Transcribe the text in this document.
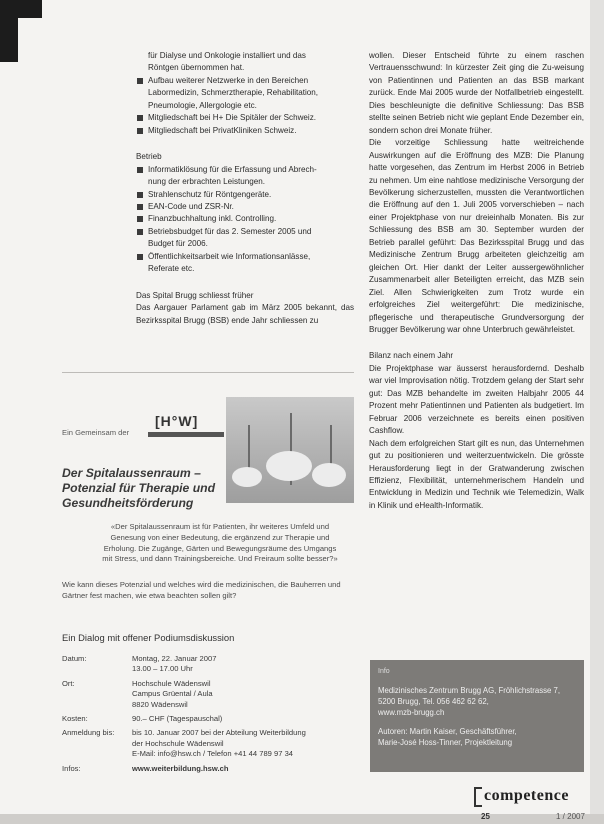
für Dialyse und Onkologie installiert und das
Röntgen übernommen hat.
Aufbau weiterer Netzwerke in den Bereichen
Labormedizin, Schmerztherapie, Rehabilitation,
Pneumologie, Allergologie etc.
Mitgliedschaft bei H+ Die Spitäler der Schweiz.
Mitgliedschaft bei PrivatKliniken Schweiz.
Betrieb
Informatiklösung für die Erfassung und Abrech-
nung der erbrachten Leistungen.
Strahlenschutz für Röntgengeräte.
EAN-Code und ZSR-Nr.
Finanzbuchhaltung inkl. Controlling.
Betriebsbudget für das 2. Semester 2005 und
Budget für 2006.
Öffentlichkeitsarbeit wie Informationsanlässe,
Referate etc.
Das Spital Brugg schliesst früher

Das Aargauer Parlament gab im März 2005 bekannt, das Bezirksspital Brugg (BSB) ende Jahr schliessen zu

wollen. Dieser Entscheid führte zu einem raschen Vertrauensschwund: In kürzester Zeit ging die Zu-weisung von Patientinnen und Patienten an das BSB markant zurück. Ende Mai 2005 wurde der Notfallbetrieb eingestellt. Dies beschleunigte die definitive Schliessung: Das BSB stellte seinen Betrieb nicht wie geplant Ende Dezember ein, sondern schon drei Monate früher.

Die vorzeitige Schliessung hatte weitreichende Auswirkungen auf die Eröffnung des MZB: Die Planung hatte vorgesehen, das Zentrum im Herbst 2006 in Betrieb zu nehmen. Um eine nahtlose medizinische Versorgung der Bevölkerung sicherzustellen, mussten die Verantwortlichen die Eröffnung auf den 1. Juli 2005 vorverschieben – nach einer Projektphase von nur dreieinhalb Monaten. Bis zur Schliessung des BSB am 30. September wurden der Betrieb parallel geführt: Das Bezirksspital Brugg und das Medizinische Zentrum Brugg arbeiteten gleichzeitig am gleichen Ort. Hier dankt der Leiter aussergewöhnlicher Zusammenarbeit aller Beteiligten erreicht, das MZB sein Ziel. Allen Schwierigkeiten zum Trotz wurde ein erfolgreiches Ziel weitergeführt: Die medizinische, pflegerische und therapeutische Grundversorgung der Brugger Bevölkerung war ohne Unterbruch gewährleistet.

Bilanz nach einem Jahr

Die Projektphase war äusserst herausfordernd. Deshalb war viel Improvisation nötig. Trotzdem gelang der Start sehr gut: Das MZB behandelte im zweiten Halbjahr 2005 44 Prozent mehr Patientinnen und Patienten als budgetiert. Im Februar 2006 verzeichnete es bereits einen positiven Cashflow.

Nach dem erfolgreichen Start gilt es nun, das Unternehmen gut zu positionieren und weiterzuentwickeln. Die grösste Herausforderung liegt in der Gratwanderung zwischen Effizienz, Flexibilität, unternehmerischem Handeln und Entwicklung in Medizin und Technik wie Telemedizin, Walk in Klinik und eHealth-Informatik.

Ein Gemeinsam der
[H°W]
Der Spitalaussenraum – Potenzial für Therapie und Gesundheitsförderung
«Der Spitalaussenraum ist für Patienten, ihr weiteres Umfeld und Genesung von einer Bedeutung, die ergänzend zur Therapie und Erholung. Die Zugänge, Gärten und Bewegungsräume des Umgangs mit Stress, und dann Trainingsbereiche. Und Freiraum sollte besser?»
Wie kann dieses Potenzial und welches wird die medizinischen, die Bauherren und Gärtner fest machen, wie etwa beachten sollen gilt?
Ein Dialog mit offener Podiumsdiskussion
Datum:	Montag, 22. Januar 2007
13.00 – 17.00 Uhr
Ort:	Hochschule Wädenswil
Campus Grüental / Aula
8820 Wädenswil
Kosten:	90.– CHF (Tagespauschal)
Anmeldung bis:	bis 10. Januar 2007 bei der Abteilung Weiterbildung
der Hochschule Wädenswil
E-Mail: info@hsw.ch / Telefon +41 44 789 97 34
Infos:	www.weiterbildung.hsw.ch
Info
Medizinisches Zentrum Brugg AG, Fröhlichstrasse 7, 5200 Brugg, Tel. 056 462 62 62,
www.mzb-brugg.ch
Autoren: Martin Kaiser, Geschäftsführer,
Marie-José Hoss-Tinner, Projektleitung
competence
25	1 / 2007
